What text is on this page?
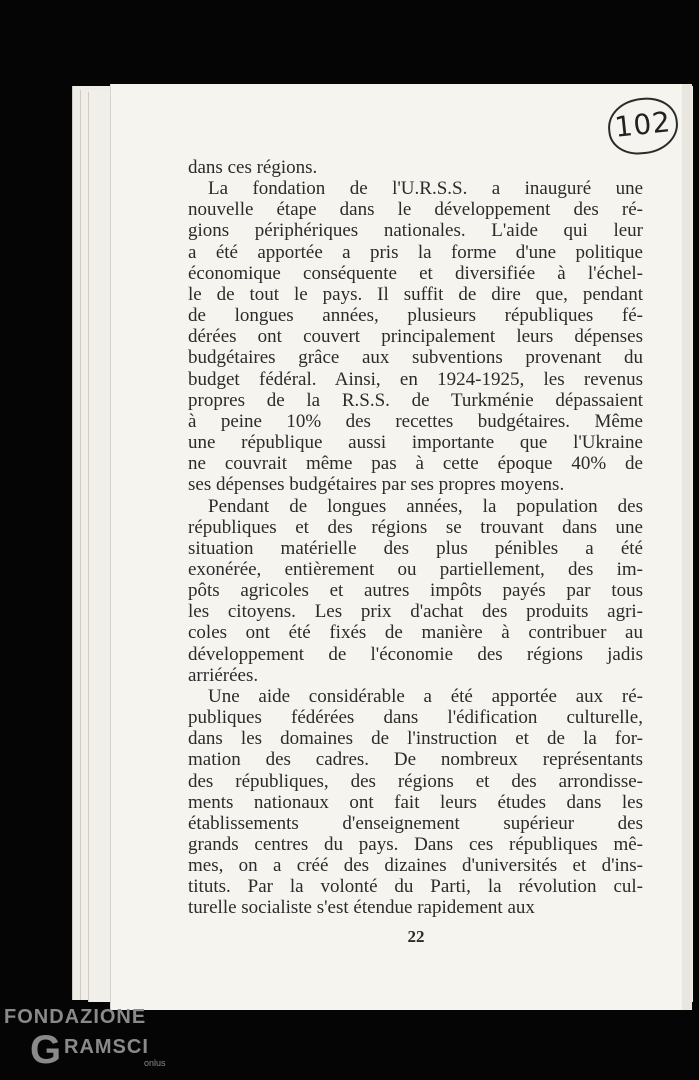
102
dans ces régions.
La fondation de l'U.R.S.S. a inauguré une
nouvelle étape dans le développement des ré-
gions périphériques nationales. L'aide qui leur
a été apportée a pris la forme d'une politique
économique conséquente et diversifiée à l'échel-
le de tout le pays. Il suffit de dire que, pendant
de longues années, plusieurs républiques fé-
dérées ont couvert principalement leurs dépenses
budgétaires grâce aux subventions provenant du
budget fédéral. Ainsi, en 1924-1925, les revenus
propres de la R.S.S. de Turkménie dépassaient
à peine 10% des recettes budgétaires. Même
une république aussi importante que l'Ukraine
ne couvrait même pas à cette époque 40% de
ses dépenses budgétaires par ses propres moyens.
Pendant de longues années, la population des
républiques et des régions se trouvant dans une
situation matérielle des plus pénibles a été
exonérée, entièrement ou partiellement, des im-
pôts agricoles et autres impôts payés par tous
les citoyens. Les prix d'achat des produits agri-
coles ont été fixés de manière à contribuer au
développement de l'économie des régions jadis
arriérées.
Une aide considérable a été apportée aux ré-
publiques fédérées dans l'édification culturelle,
dans les domaines de l'instruction et de la for-
mation des cadres. De nombreux représentants
des républiques, des régions et des arrondisse-
ments nationaux ont fait leurs études dans les
établissements d'enseignement supérieur des
grands centres du pays. Dans ces républiques mê-
mes, on a créé des dizaines d'universités et d'ins-
tituts. Par la volonté du Parti, la révolution cul-
turelle socialiste s'est étendue rapidement aux
22
FONDAZIONE
G RAMSCI
onlus
